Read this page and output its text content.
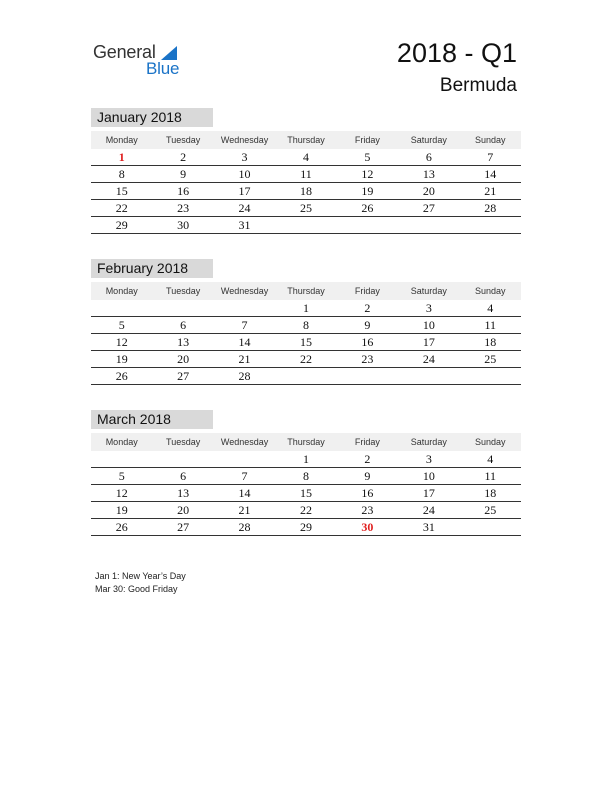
General
Blue
2018 - Q1
Bermuda
January 2018
Monday	Tuesday	Wednesday	Thursday	Friday	Saturday	Sunday
1	2	3	4	5	6	7
8	9	10	11	12	13	14
15	16	17	18	19	20	21
22	23	24	25	26	27	28
29	30	31				
February 2018
Monday	Tuesday	Wednesday	Thursday	Friday	Saturday	Sunday
			1	2	3	4
5	6	7	8	9	10	11
12	13	14	15	16	17	18
19	20	21	22	23	24	25
26	27	28				
March 2018
Monday	Tuesday	Wednesday	Thursday	Friday	Saturday	Sunday
			1	2	3	4
5	6	7	8	9	10	11
12	13	14	15	16	17	18
19	20	21	22	23	24	25
26	27	28	29	30	31	
Jan 1: New Year’s Day
Mar 30: Good Friday
